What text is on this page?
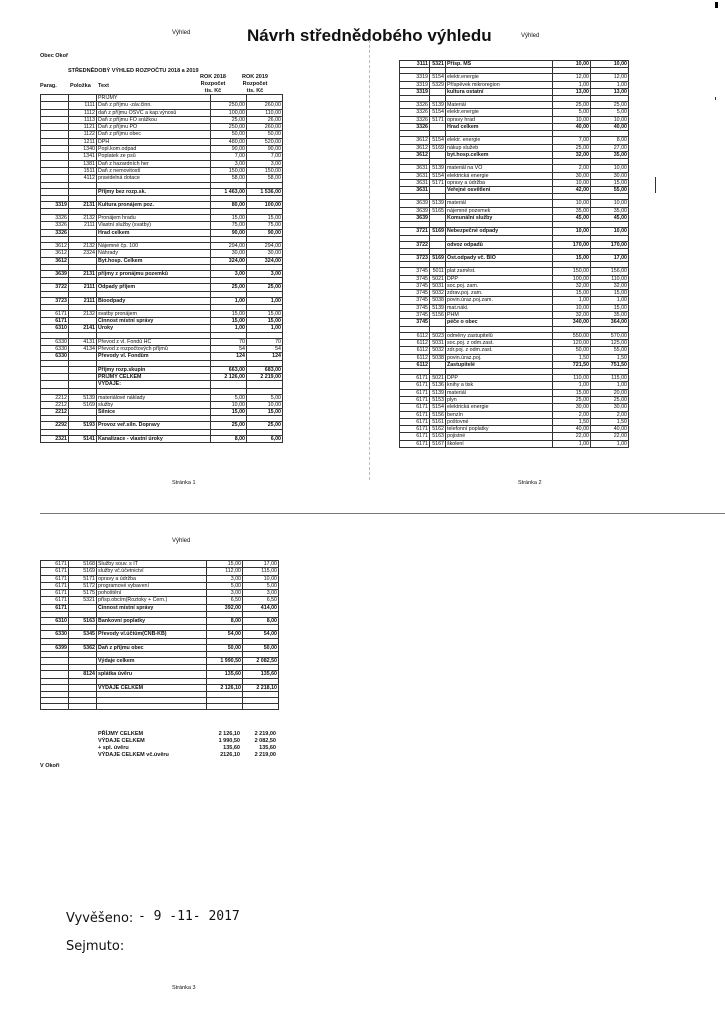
Výhled	Návrh střednědobého výhledu	Výhled
Obec Okoř
STŘEDNĚDOBÝ VÝHLED ROZPOČTU 2018 a 2019
Parag. Položka Text
ROK 2018 Rozpočet tis. Kč
ROK 2019 Rozpočet tis. Kč
		PŘÍJMY		
	1111	Daň z příjmu -záv.činn.	250,00	260,00
	1112	daň z příjmu OSVČ a kap.výnosů	100,00	110,00
	1113	Daň z příjmu FO srážkou	25,00	26,00
	1121	Daň z příjmu PO	250,00	260,00
	1122	Daň z příjmu obec	50,00	50,00
	1211	DPH	480,00	520,00
	1340	Popl.kom.odpad	90,00	90,00
	1341	Poplatek ze psů	7,00	7,00
	1381	Daň z hazardních her	3,00	3,00
	1511	Daň z nemovitostí	150,00	150,00
	4112	pravidelná dotace	58,00	58,00

		Příjmy bez rozp.sk.	1 463,00	1 536,00

3319	2131	Kultura pronájem poz.	80,00	100,00

3326	2132	Pronájem hradu	15,00	15,00
3326	2111	Vlastní služby (svatby)	75,00	75,00
3326		Hrad celkem	90,00	90,00

3612	2132	Nájemné čp. 100	294,00	294,00
3612	2324	Náhrady	30,00	30,00
3612		Byt.hosp. Celkem	324,00	324,00

3639	2131	příjmy z pronájmu pozemků	3,00	3,00

3722	2111	Odpady příjem	25,00	25,00

3723	2111	Bioodpady	1,00	1,00

6171	2132	svatby pronájem	15,00	15,00
6171		Činnost místní správy	15,00	15,00
6310	2141	Úroky	1,00	1,00

6330	4131	Převod z vl. Fondů HČ	70	70
6330	4134	Převod z rozpočtových příjmů	54	54
6330		Převody vl. Fondům	124	124

		Příjmy rozp.skupin	663,00	683,00
		PŘÍJMY CELKEM	2 126,00	2 219,00
		VÝDAJE:		

2212	5139	materiálové náklady	5,00	5,00
2212	5169	služby	10,00	10,00
2212		Silnice	15,00	15,00

2292	5193	Provoz veř.siln. Dopravy	25,00	25,00

2321	5141	Kanalizace - vlastní úroky	8,00	6,00
Stránka 1
3111	5321	Přísp. MŠ	10,00	10,00

3319	5154	elektr.energie	12,00	12,00
3319	5329	Příspěvek mikroregion	1,00	1,00
3319		kultura ostatní	13,00	13,00

3326	5139	Materiál	25,00	25,00
3326	5154	elektr.energie	5,00	5,00
3326	5171	opravy hrad	10,00	10,00
3326		Hrad celkem	40,00	40,00

3612	5154	elektr. energie	7,00	8,00
3612	5169	nákup služeb	25,00	27,00
3612		byt.hosp.celkem	32,00	35,00

3631	5139	materiál na VO	2,00	10,00
3631	5154	elektrická energie	30,00	30,00
3631	5171	opravy a údržba	10,00	15,00
3631		Veřejné osvětlení	42,00	55,00

3639	5139	materiál	10,00	10,00
3639	5165	nájemné pozemek	35,00	35,00
3639		Komunální služby	45,00	45,00

3721	5169	Nebezpečné odpady	10,00	10,00

3722		odvoz odpadů	170,00	170,00

3723	5169	Ost.odpady vč. BIO	15,00	17,00

3745	5011	plat zaměst.	150,00	156,00
3745	5021	DPP	100,00	110,00
3745	5031	soc.poj. zam.	32,00	32,00
3745	5032	zdrav.poj. zam.	15,00	15,00
3745	5038	povin.úraz.poj.zam.	1,00	1,00
3745	5139	mat.nákl.	10,00	15,00
3745	5156	PHM	32,00	35,00
3745		péče o obec	340,00	364,00

6112	5023	odměny zastupitelů	550,00	570,00
6112	5031	soc.poj. z odm.zast.	120,00	125,00
6112	5032	zdr.poj. z odm.zast.	50,00	55,00
6112	5038	povin.úraz.poj.	1,50	1,50
6112		Zastupitelé	721,50	751,50

6171	5021	DPP	110,00	115,00
6171	5136	knihy a tisk	1,00	1,00
6171	5139	materiál	15,00	20,00
6171	5153	plyn	25,00	25,00
6171	5154	elektrická energie	30,00	30,00
6171	5156	benzín	2,00	2,00
6171	5161	poštovné	1,50	1,50
6171	5162	telefonní poplatky	40,00	40,00
6171	5163	pojistné	22,00	22,00
6171	5167	školení	1,00	1,00
Stránka 2
Výhled
6171	5168	Služby souv. s IT	15,00	17,00
6171	5169	služby vč.účetnictví	112,00	115,00
6171	5171	opravy a údržba	3,00	10,00
6171	5172	programové vybavení	5,00	5,00
6171	5175	pohoštění	3,00	3,00
6171	5321	přísp.obcím(Roztoky + Čern.)	6,50	6,50
6171		Činnost místní správy	392,00	414,00

6310	5163	Bankovní poplatky	8,00	8,00

6330	5345	Převody vl.účtům(ČNB-KB)	54,00	54,00

6399	5362	Daň z příjmu obec	50,00	50,00

		Výdaje celkem	1 990,50	2 082,50

	8124	splátka úvěru	135,60	135,60

		VÝDAJE CELKEM	2 126,10	2 218,10

PŘÍJMY CELKEM	2 126,10	2 219,00
VÝDAJE CELKEM	1 990,50	2 082,50
+ spl. úvěru	135,60	135,60
VÝDAJE CELKEM vč.úvěru	2126,10	2 219,00
V Okoři
Vyvěšeno: - 9 -11- 2017
Sejmuto:
Stránka 3
